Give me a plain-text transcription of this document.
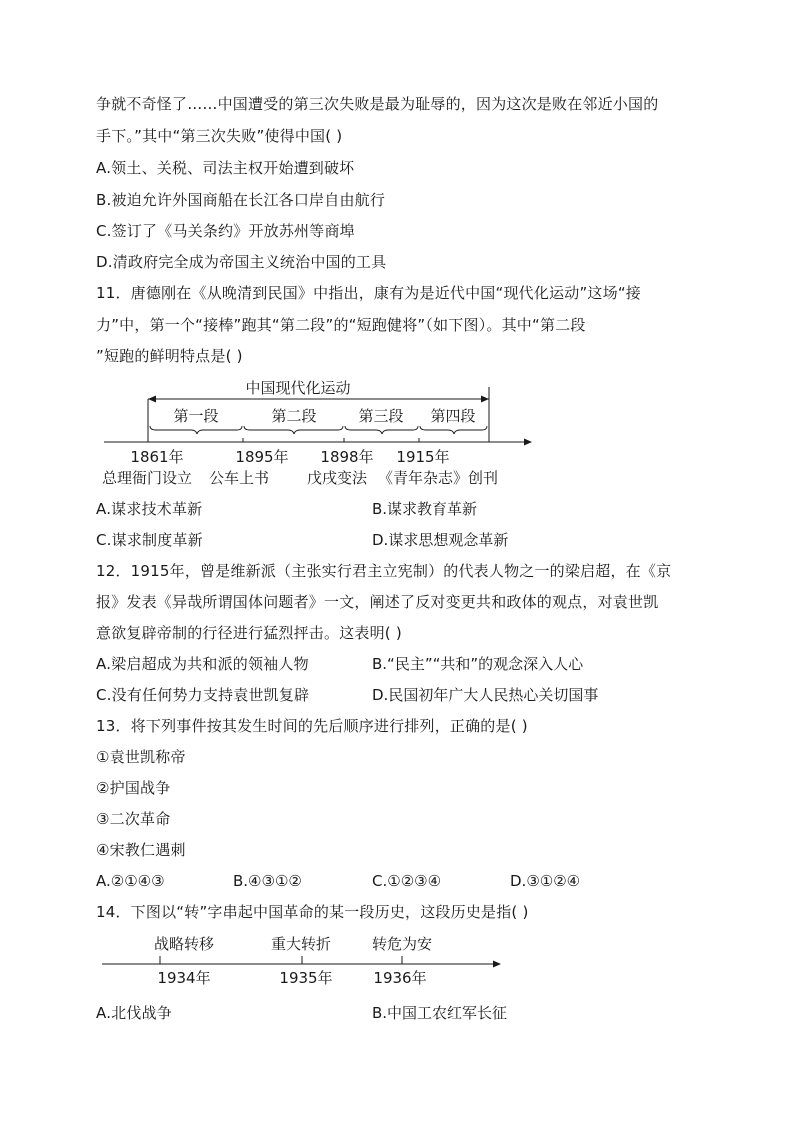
争就不奇怪了……中国遭受的第三次失败是最为耻辱的，因为这次是败在邻近小国的
手下。”其中“第三次失败”使得中国( )
A.领土、关税、司法主权开始遭到破坏
B.被迫允许外国商船在长江各口岸自由航行
C.签订了《马关条约》开放苏州等商埠
D.清政府完全成为帝国主义统治中国的工具
11．唐德刚在《从晚清到民国》中指出，康有为是近代中国“现代化运动”这场“接
力”中，第一个“接棒”跑其“第二段”的“短跑健将”（如下图）。其中“第二段
”短跑的鲜明特点是( )
中国现代化运动
第一段	第二段	第三段 第四段
1861年	1895年 1898年 1915年
总理衙门设立 公车上书	戊戌变法 《青年杂志》创刊
A.谋求技术革新	B.谋求教育革新
C.谋求制度革新	D.谋求思想观念革新
12．1915年，曾是维新派（主张实行君主立宪制）的代表人物之一的梁启超，在《京
报》发表《异哉所谓国体问题者》一文，阐述了反对变更共和政体的观点，对袁世凯
意欲复辟帝制的行径进行猛烈抨击。这表明( )
A.梁启超成为共和派的领袖人物	B.“民主”“共和”的观念深入人心
C.没有任何势力支持袁世凯复辟	D.民国初年广大人民热心关切国事
13．将下列事件按其发生时间的先后顺序进行排列，正确的是( )
①袁世凯称帝
②护国战争
③二次革命
④宋教仁遇刺
A.②①④③	B.④③①②	C.①②③④	D.③①②④
14．下图以“转”字串起中国革命的某一段历史，这段历史是指( )
战略转移	重大转折	转危为安
1934年	1935年	1936年
A.北伐战争	B.中国工农红军长征
